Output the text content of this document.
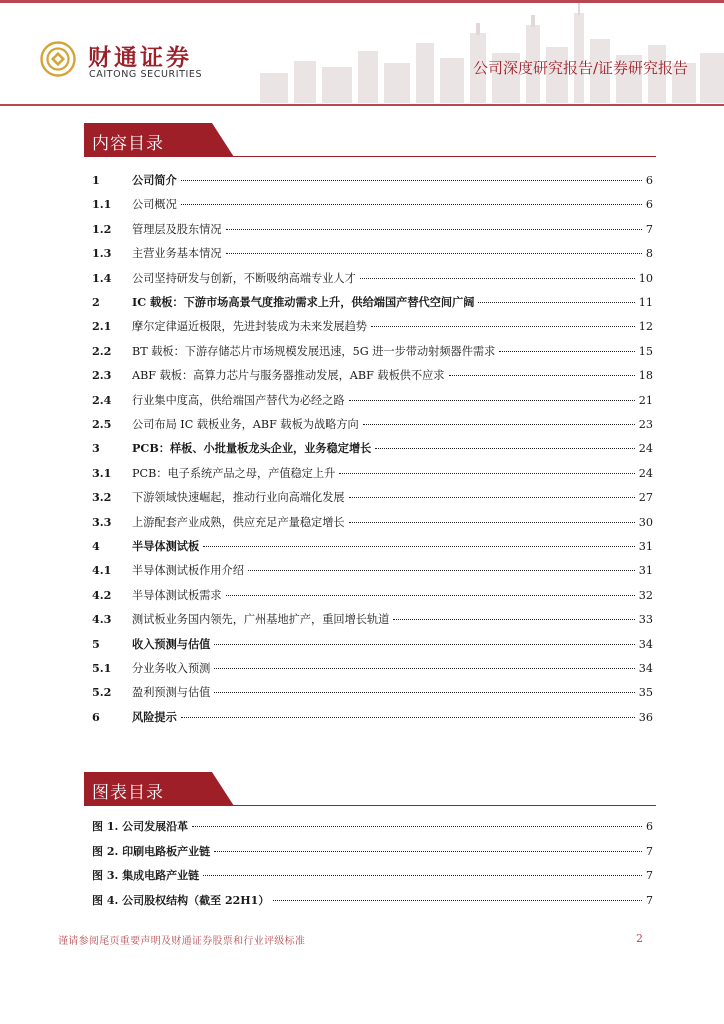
财通证券
CAITONG SECURITIES	公司深度研究报告/证券研究报告
内容目录
1	公司简介	6
1.1	公司概况	6
1.2	管理层及股东情况	7
1.3	主营业务基本情况	8
1.4	公司坚持研发与创新，不断吸纳高端专业人才	10
2	IC 载板：下游市场高景气度推动需求上升，供给端国产替代空间广阔	11
2.1	摩尔定律逼近极限，先进封装成为未来发展趋势	12
2.2	BT 载板：下游存储芯片市场规模发展迅速，5G 进一步带动射频器件需求	15
2.3	ABF 载板：高算力芯片与服务器推动发展，ABF 载板供不应求	18
2.4	行业集中度高，供给端国产替代为必经之路	21
2.5	公司布局 IC 载板业务，ABF 载板为战略方向	23
3	PCB：样板、小批量板龙头企业，业务稳定增长	24
3.1	PCB：电子系统产品之母，产值稳定上升	24
3.2	下游领域快速崛起，推动行业向高端化发展	27
3.3	上游配套产业成熟，供应充足产量稳定增长	30
4	半导体测试板	31
4.1	半导体测试板作用介绍	31
4.2	半导体测试板需求	32
4.3	测试板业务国内领先，广州基地扩产，重回增长轨道	33
5	收入预测与估值	34
5.1	分业务收入预测	34
5.2	盈利预测与估值	35
6	风险提示	36
图表目录
图 1. 公司发展沿革	6
图 2. 印刷电路板产业链	7
图 3. 集成电路产业链	7
图 4. 公司股权结构（截至 22H1）	7
谨请参阅尾页重要声明及财通证券股票和行业评级标准	2
